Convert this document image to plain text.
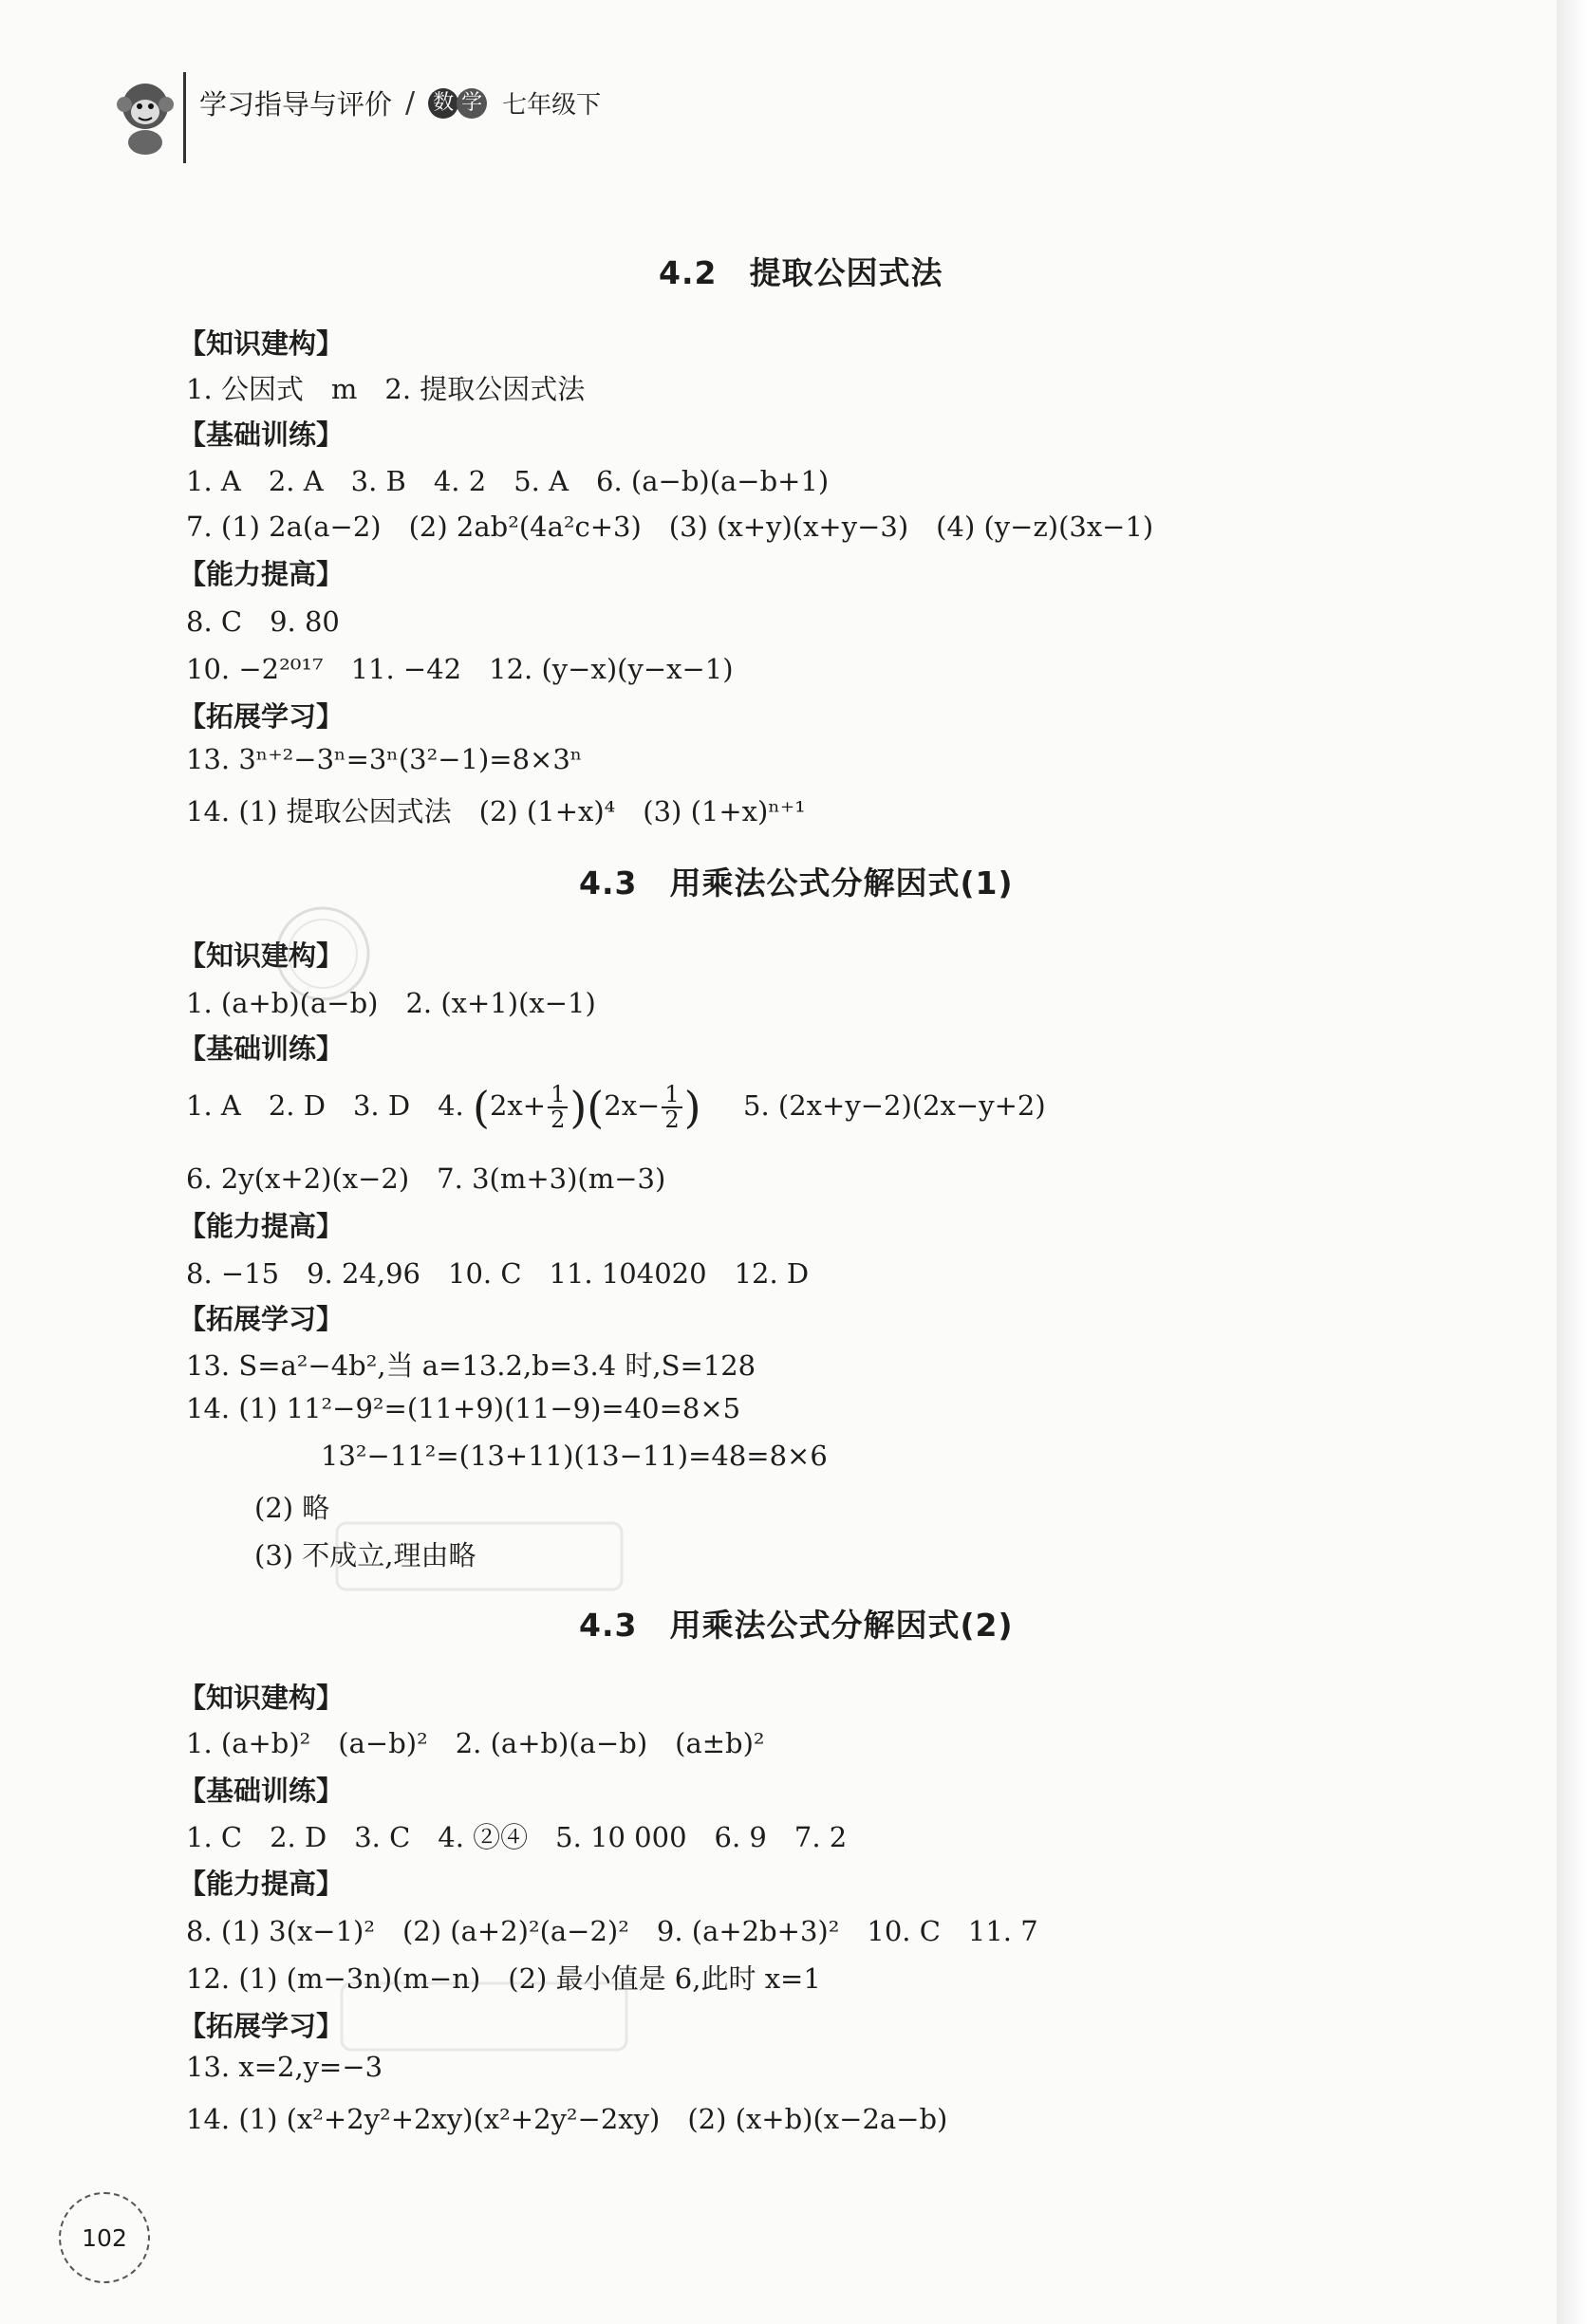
学习指导与评价 / 数 学 七年级下
4.2 提取公因式法
【知识建构】
1. 公因式　m　2. 提取公因式法
【基础训练】
1. A　2. A　3. B　4. 2　5. A　6. (a−b)(a−b+1)
7. (1) 2a(a−2)　(2) 2ab²(4a²c+3)　(3) (x+y)(x+y−3)　(4) (y−z)(3x−1)
【能力提高】
8. C　9. 80
10. −2²⁰¹⁷　11. −42　12. (y−x)(y−x−1)
【拓展学习】
13. 3ⁿ⁺²−3ⁿ=3ⁿ(3²−1)=8×3ⁿ
14. (1) 提取公因式法　(2) (1+x)⁴　(3) (1+x)ⁿ⁺¹
4.3 用乘法公式分解因式(1)
【知识建构】
1. (a+b)(a−b)　2. (x+1)(x−1)
【基础训练】
1. A　2. D　3. D　4. $(2x+ \frac{1}{2} )(2x- \frac{1}{2}$ ) 5. (2x+y−2)(2x−y+2)
6. 2y(x+2)(x−2)　7. 3(m+3)(m−3)
【能力提高】
8. −15　9. 24,96　10. C　11. 104020　12. D
【拓展学习】
13. S=a²−4b²,当 a=13.2,b=3.4 时,S=128
14. (1) 11²−9²=(11+9)(11−9)=40=8×5
13²−11²=(13+11)(13−11)=48=8×6
(2) 略
(3) 不成立,理由略
4.3 用乘法公式分解因式(2)
【知识建构】
1. (a+b)²　(a−b)²　2. (a+b)(a−b)　(a±b)²
【基础训练】
1. C　2. D　3. C　4. ②④　5. 10 000　6. 9　7. 2
【能力提高】
8. (1) 3(x−1)²　(2) (a+2)²(a−2)²　9. (a+2b+3)²　10. C　11. 7
12. (1) (m−3n)(m−n)　(2) 最小值是 6,此时 x=1
【拓展学习】
13. x=2,y=−3
14. (1) (x²+2y²+2xy)(x²+2y²−2xy)　(2) (x+b)(x−2a−b)
102
